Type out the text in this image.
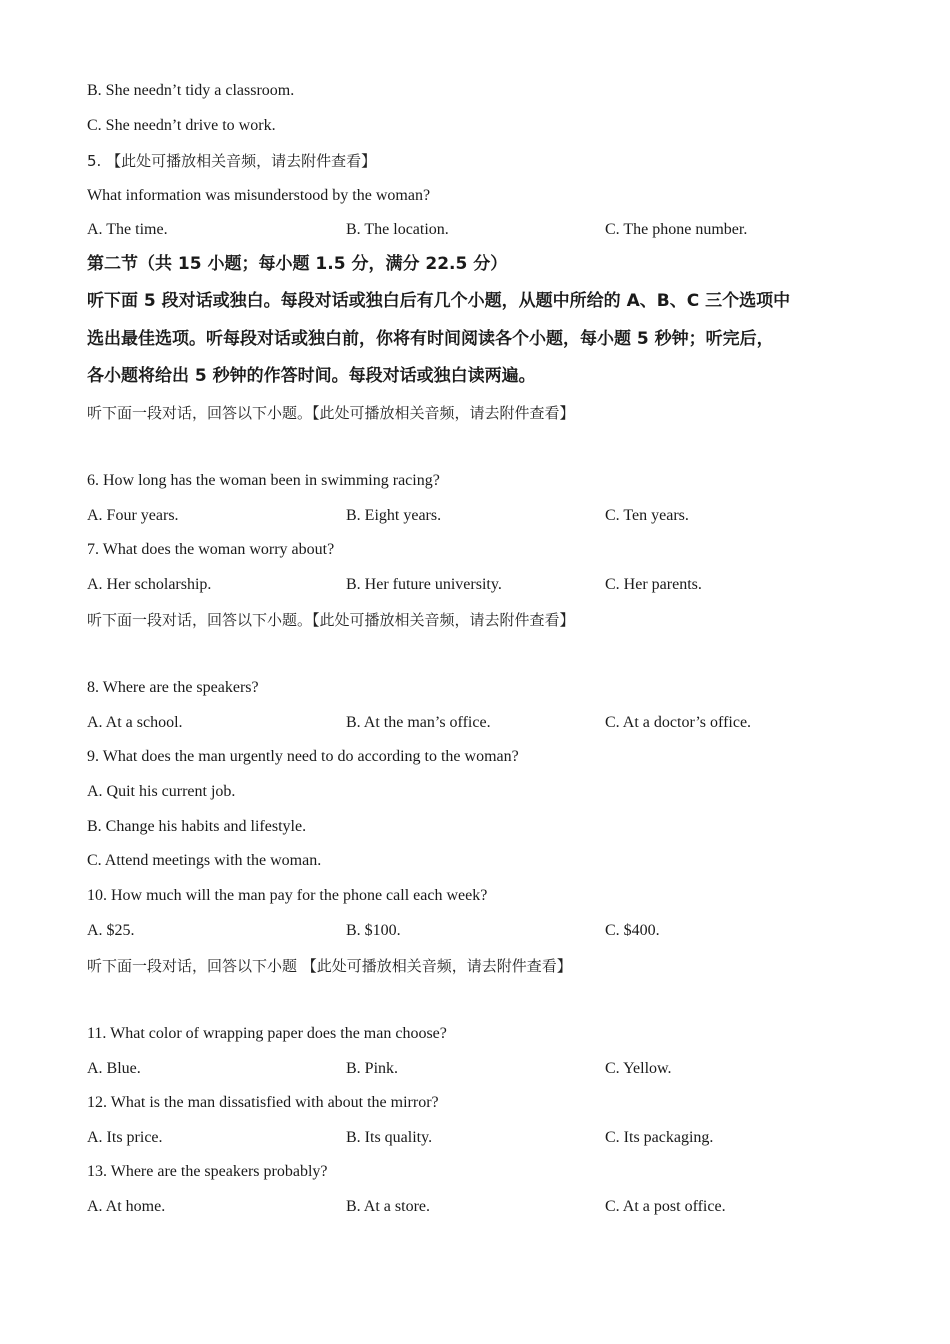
B. She needn’t tidy a classroom.
C. She needn’t drive to work.
5. 【此处可播放相关音频，请去附件查看】
What information was misunderstood by the woman?
A. The time.	B. The location.	C. The phone number.
第二节（共 15 小题；每小题 1.5 分，满分 22.5 分）
听下面 5 段对话或独白。每段对话或独白后有几个小题，从题中所给的 A、B、C 三个选项中
选出最佳选项。听每段对话或独白前，你将有时间阅读各个小题，每小题 5 秒钟；听完后，
各小题将给出 5 秒钟的作答时间。每段对话或独白读两遍。
听下面一段对话，回答以下小题。【此处可播放相关音频，请去附件查看】
6. How long has the woman been in swimming racing?
A. Four years.	B. Eight years.	C. Ten years.
7. What does the woman worry about?
A. Her scholarship.	B. Her future university.	C. Her parents.
听下面一段对话，回答以下小题。【此处可播放相关音频，请去附件查看】
8. Where are the speakers?
A. At a school.	B. At the man’s office.	C. At a doctor’s office.
9. What does the man urgently need to do according to the woman?
A. Quit his current job.
B. Change his habits and lifestyle.
C. Attend meetings with the woman.
10. How much will the man pay for the phone call each week?
A. $25.	B. $100.	C. $400.
听下面一段对话，回答以下小题 【此处可播放相关音频，请去附件查看】
11. What color of wrapping paper does the man choose?
A. Blue.	B. Pink.	C. Yellow.
12. What is the man dissatisfied with about the mirror?
A. Its price.	B. Its quality.	C. Its packaging.
13. Where are the speakers probably?
A. At home.	B. At a store.	C. At a post office.
